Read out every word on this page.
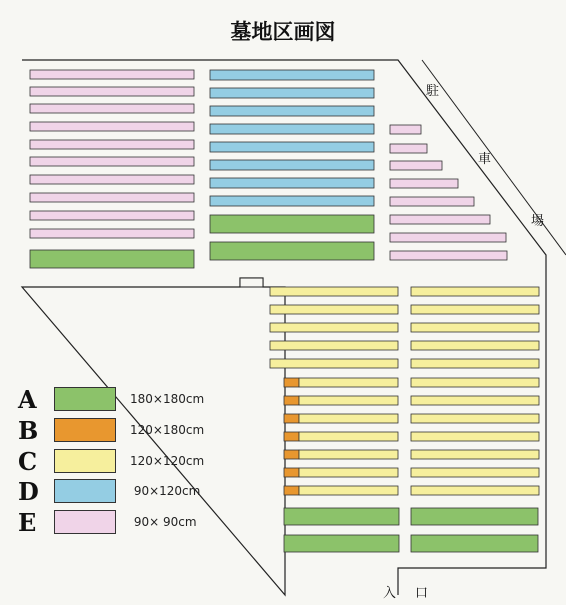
墓地区画図
駐
車
場
入 口
A	180×180cm
B	120×180cm
C	120×120cm
D	90×120cm
E	90× 90cm
